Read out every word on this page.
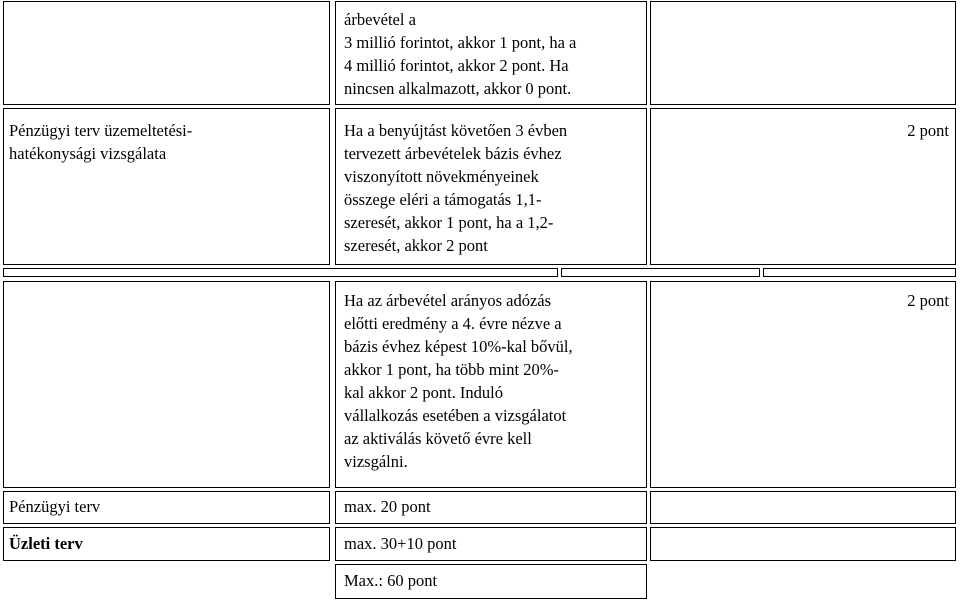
árbevétel a
3 millió forintot, akkor 1 pont, ha a
4 millió forintot, akkor 2 pont. Ha
nincsen alkalmazott, akkor 0 pont.
Pénzügyi terv üzemeltetési-
hatékonysági vizsgálata
Ha a benyújtást követően 3 évben
tervezett árbevételek bázis évhez
viszonyított növekményeinek
összege eléri a támogatás 1,1-
szeresét, akkor 1 pont, ha a 1,2-
szeresét, akkor 2 pont
2 pont
Ha az árbevétel arányos adózás
előtti eredmény a 4. évre nézve a
bázis évhez képest 10%-kal bővül,
akkor 1 pont, ha több mint 20%-
kal akkor 2 pont. Induló
vállalkozás esetében a vizsgálatot
az aktiválás követő évre kell
vizsgálni.
2 pont
Pénzügyi terv	max. 20 pont
Üzleti terv	max. 30+10 pont
Max.: 60 pont
